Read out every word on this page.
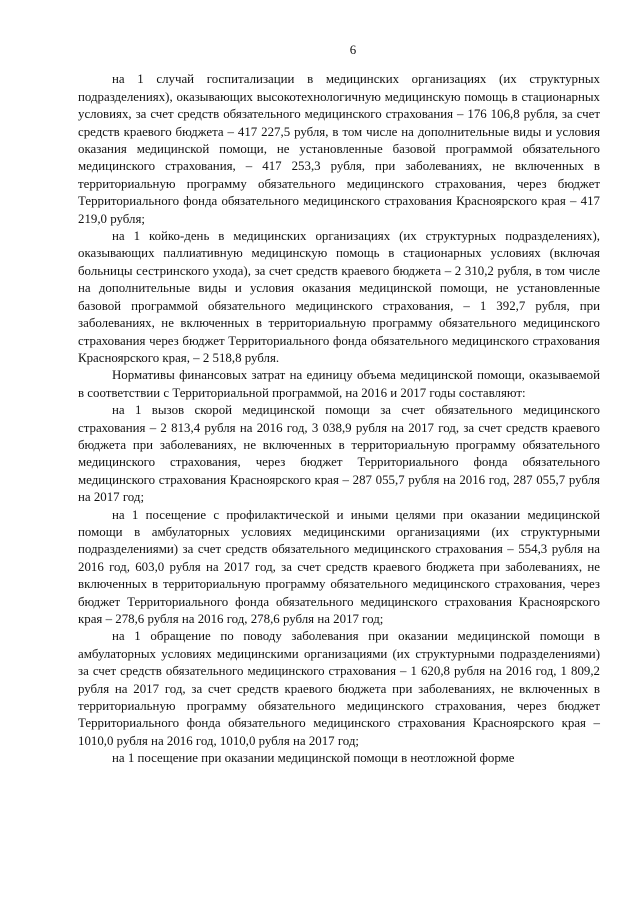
6

на 1 случай госпитализации в медицинских организациях (их структурных подразделениях), оказывающих высокотехнологичную медицинскую помощь в стационарных условиях, за счет средств обязательного медицинского страхования – 176 106,8 рубля, за счет средств краевого бюджета – 417 227,5 рубля, в том числе на дополнительные виды и условия оказания медицинской помощи, не установленные базовой программой обязательного медицинского страхования, – 417 253,3 рубля, при заболеваниях, не включенных в территориальную программу обязательного медицинского страхования, через бюджет Территориального фонда обязательного медицинского страхования Красноярского края – 417 219,0 рубля;

на 1 койко-день в медицинских организациях (их структурных подразделениях), оказывающих паллиативную медицинскую помощь в стационарных условиях (включая больницы сестринского ухода), за счет средств краевого бюджета – 2 310,2 рубля, в том числе на дополнительные виды и условия оказания медицинской помощи, не установленные базовой программой обязательного медицинского страхования, – 1 392,7 рубля, при заболеваниях, не включенных в территориальную программу обязательного медицинского страхования через бюджет Территориального фонда обязательного медицинского страхования Красноярского края, – 2 518,8 рубля.

Нормативы финансовых затрат на единицу объема медицинской помощи, оказываемой в соответствии с Территориальной программой, на 2016 и 2017 годы составляют:

на 1 вызов скорой медицинской помощи за счет обязательного медицинского страхования – 2 813,4 рубля на 2016 год, 3 038,9 рубля на 2017 год, за счет средств краевого бюджета при заболеваниях, не включенных в территориальную программу обязательного медицинского страхования, через бюджет Территориального фонда обязательного медицинского страхования Красноярского края – 287 055,7 рубля на 2016 год, 287 055,7 рубля на 2017 год;

на 1 посещение с профилактической и иными целями при оказании медицинской помощи в амбулаторных условиях медицинскими организациями (их структурными подразделениями) за счет средств обязательного медицинского страхования – 554,3 рубля на 2016 год, 603,0 рубля на 2017 год, за счет средств краевого бюджета при заболеваниях, не включенных в территориальную программу обязательного медицинского страхования, через бюджет Территориального фонда обязательного медицинского страхования Красноярского края – 278,6 рубля на 2016 год, 278,6 рубля на 2017 год;

на 1 обращение по поводу заболевания при оказании медицинской помощи в амбулаторных условиях медицинскими организациями (их структурными подразделениями) за счет средств обязательного медицинского страхования – 1 620,8 рубля на 2016 год, 1 809,2 рубля на 2017 год, за счет средств краевого бюджета при заболеваниях, не включенных в территориальную программу обязательного медицинского страхования, через бюджет Территориального фонда обязательного медицинского страхования Красноярского края – 1010,0 рубля на 2016 год, 1010,0 рубля на 2017 год;

на 1 посещение при оказании медицинской помощи в неотложной форме
